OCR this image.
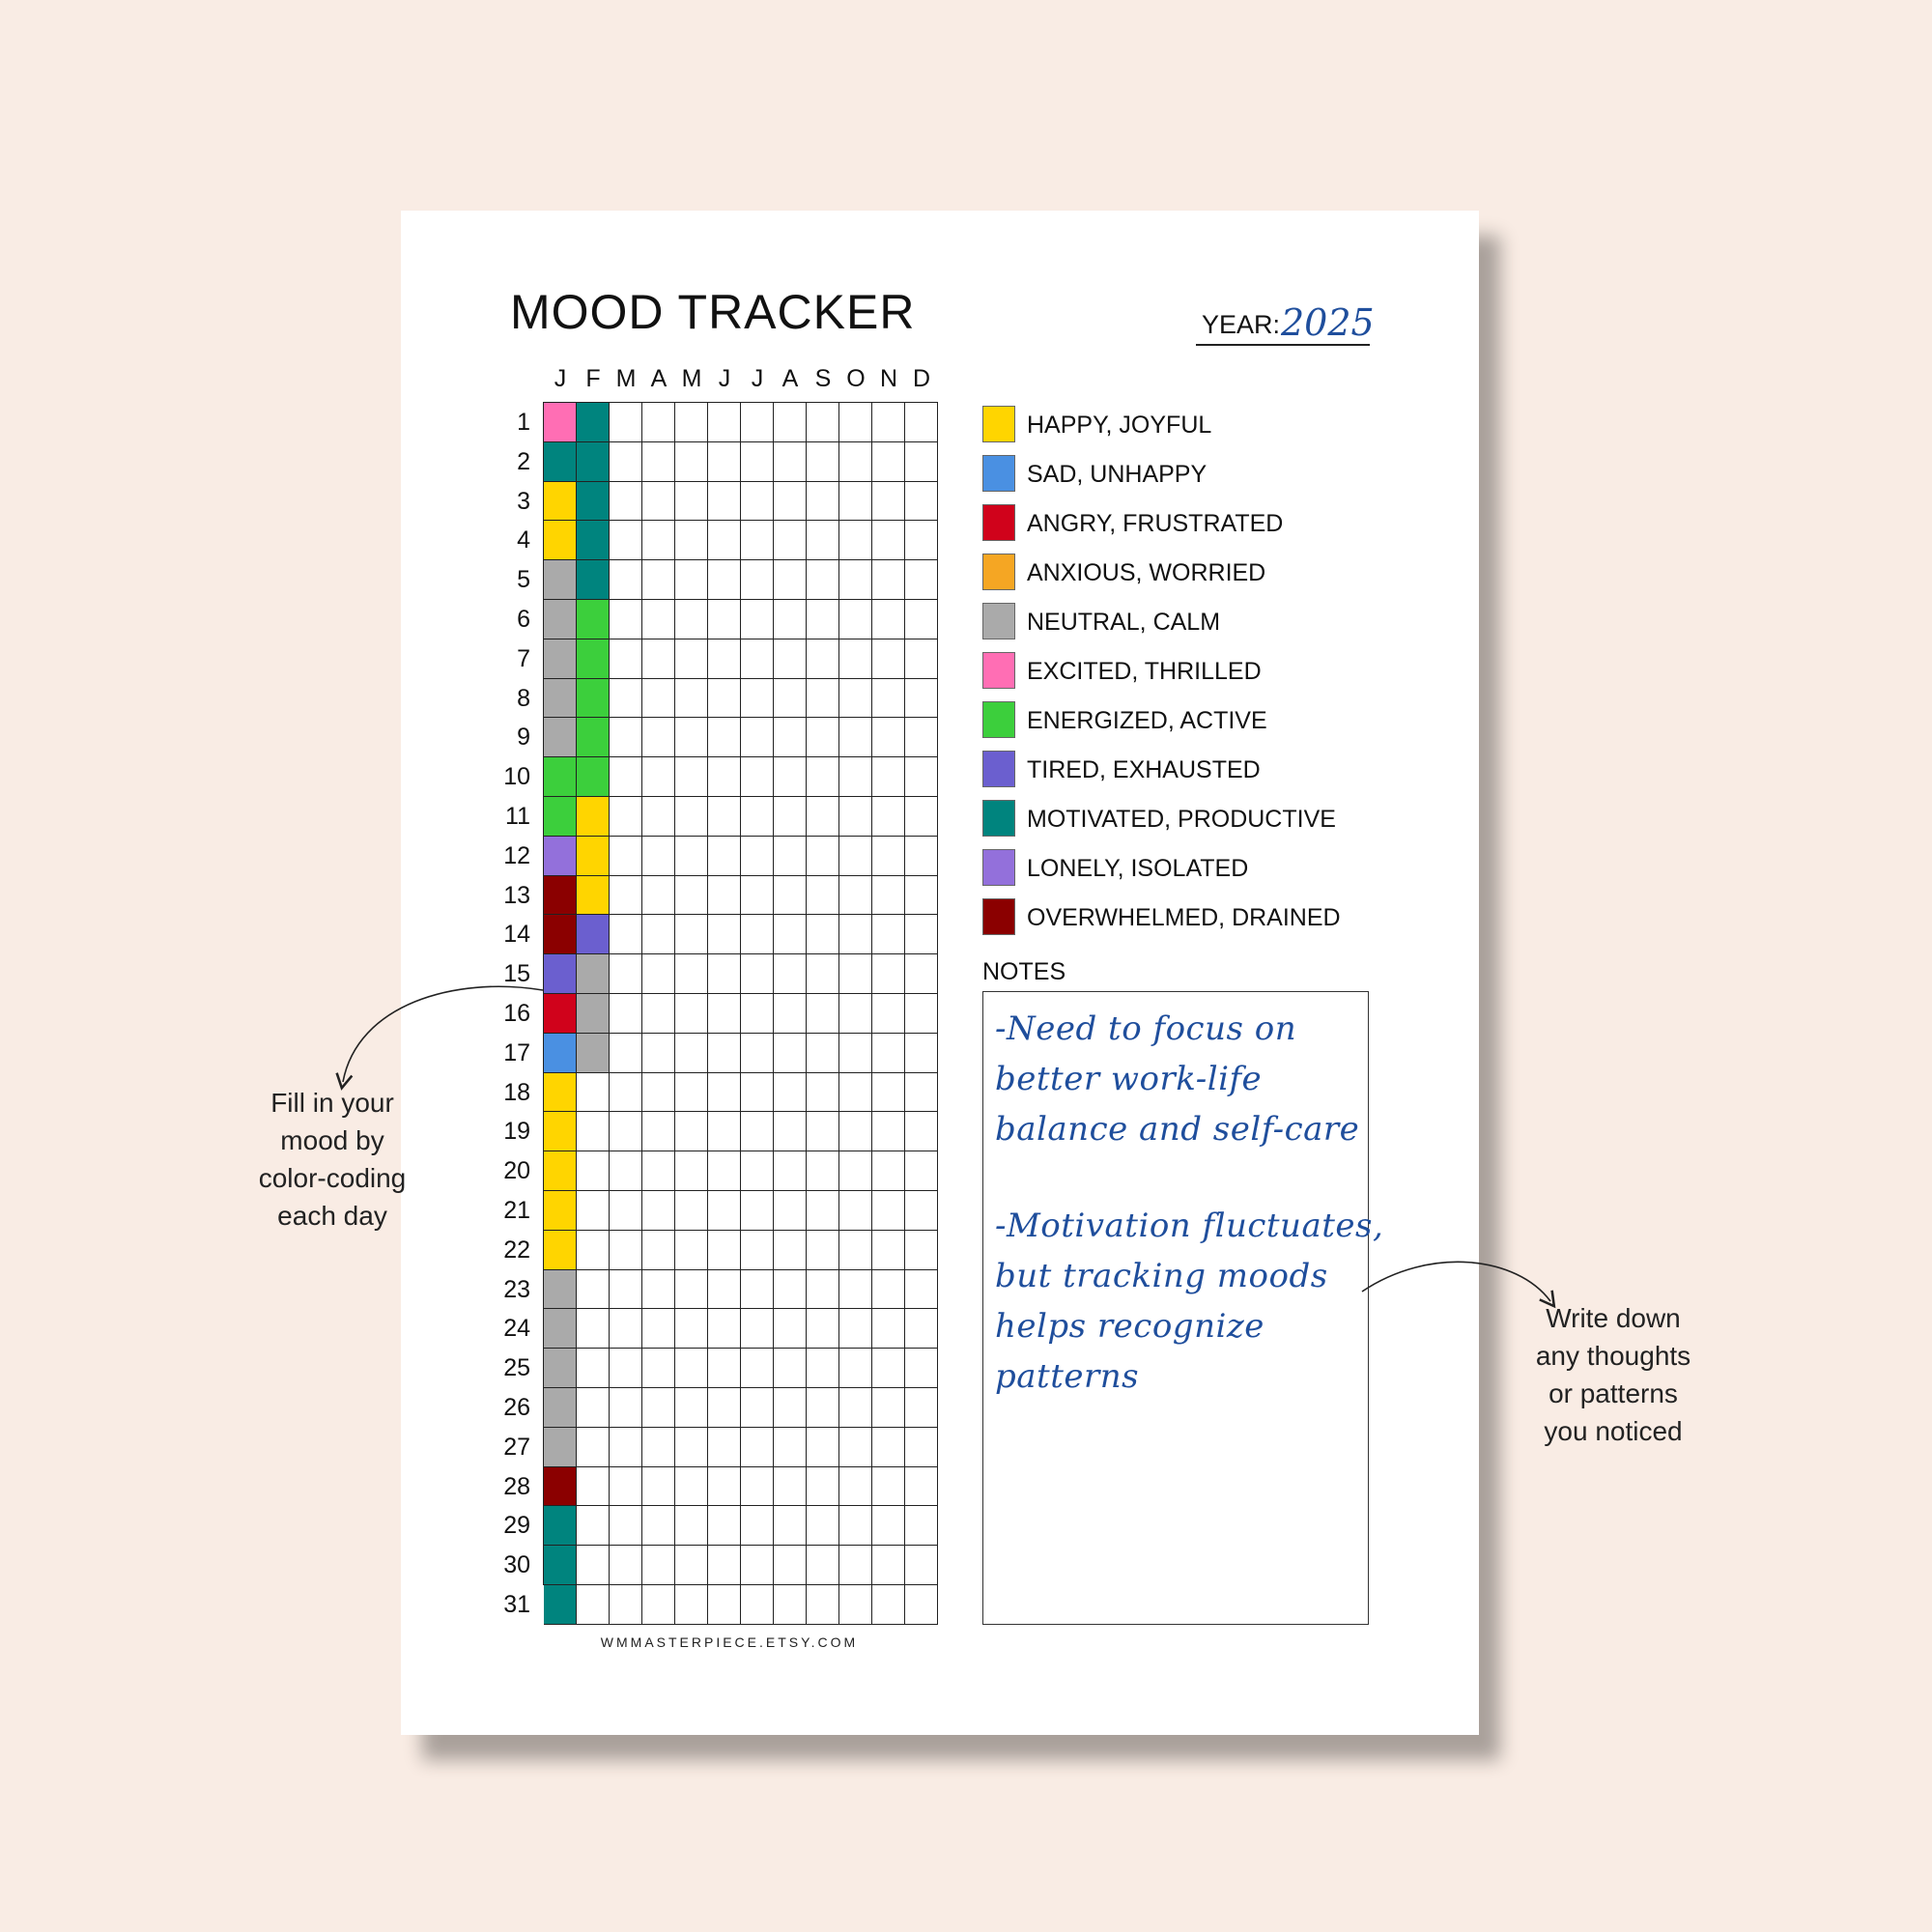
MOOD TRACKER	YEAR: 2025
J F M A M J J A S O N D
1
2
3
4
5
6
7
8
9
10
11
12
13
14
15
16
17
18
19
20
21
22
23
24
25
26
27
28
29
30
31
HAPPY, JOYFUL
SAD, UNHAPPY
ANGRY, FRUSTRATED
ANXIOUS, WORRIED
NEUTRAL, CALM
EXCITED, THRILLED
ENERGIZED, ACTIVE
TIRED, EXHAUSTED
MOTIVATED, PRODUCTIVE
LONELY, ISOLATED
OVERWHELMED, DRAINED
NOTES
-Need to focus on
better work-life
balance and self-care
-Motivation fluctuates,
but tracking moods
helps recognize
patterns
WMMASTERPIECE.ETSY.COM
Fill in your
mood by
color-coding
each day
Write down
any thoughts
or patterns
you noticed
